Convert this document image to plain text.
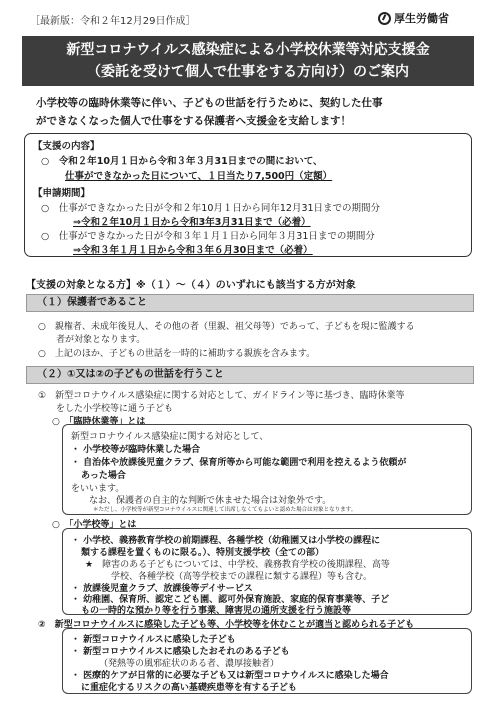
［最新版：令和２年12月29日作成］	厚生労働省
新型コロナウイルス感染症による小学校休業等対応支援金
（委託を受けて個人で仕事をする方向け）のご案内
小学校等の臨時休業等に伴い、子どもの世話を行うために、契約した仕事
ができなくなった個人で仕事をする保護者へ支援金を支給します！
【支援の内容】
○　令和２年10月１日から令和３年３月31日までの間において、
仕事ができなかった日について、１日当たり7,500円（定額）
【申請期間】
○　仕事ができなかった日が令和２年10月１日から同年12月31日までの期間分
⇒令和２年10月１日から令和3年3月31日まで（必着）
○　仕事ができなかった日が令和３年１月１日から同年３月31日までの期間分
⇒令和３年１月１日から令和３年６月30日まで（必着）
【支援の対象となる方】※（１）～（４）のいずれにも該当する方が対象
（１）保護者であること
○　親権者、未成年後見人、その他の者（里親、祖父母等）であって、子どもを現に監護する
者が対象となります。
○　上記のほか、子どもの世話を一時的に補助する親族を含みます。
（２）①又は②の子どもの世話を行うこと
①　新型コロナウイルス感染症に関する対応として、ガイドライン等に基づき、臨時休業等
をした小学校等に通う子ども
○　「臨時休業等」とは
新型コロナウイルス感染症に関する対応として、
・ 小学校等が臨時休業した場合
・ 自治体や放課後児童クラブ、保育所等から可能な範囲で利用を控えるよう依頼が
あった場合
をいいます。
なお、保護者の自主的な判断で休ませた場合は対象外です。
＊ただし、小学校等が新型コロナウイルスに関連して出席しなくてもよいと認めた場合は対象となります。
○　「小学校等」とは
・ 小学校、義務教育学校の前期課程、各種学校（幼稚園又は小学校の課程に
類する課程を置くものに限る。）、特別支援学校（全ての部）
★　障害のある子どもについては、中学校、義務教育学校の後期課程、高等
学校、各種学校（高等学校までの課程に類する課程）等も含む。
・ 放課後児童クラブ、放課後等デイサービス
・ 幼稚園、保育所、認定こども園、認可外保育施設、家庭的保育事業等、子ど
もの一時的な預かり等を行う事業、障害児の通所支援を行う施設等
②　新型コロナウイルスに感染した子ども等、小学校等を休むことが適当と認められる子ども
・ 新型コロナウイルスに感染した子ども
・ 新型コロナウイルスに感染したおそれのある子ども
（発熱等の風邪症状のある者、濃厚接触者）
・ 医療的ケアが日常的に必要な子ども又は新型コロナウイルスに感染した場合
に重症化するリスクの高い基礎疾患等を有する子ども
